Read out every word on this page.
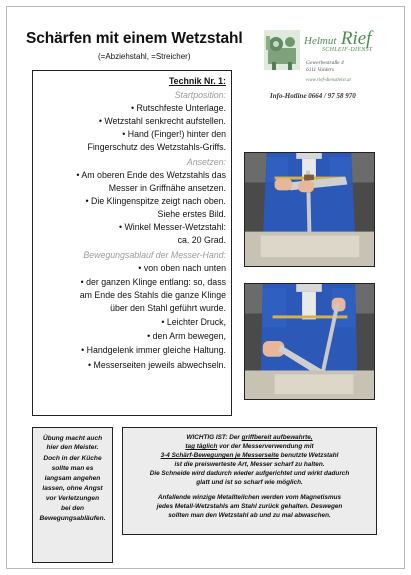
Schärfen mit einem Wetzstahl
(=Abziehstahl, =Streicher)
Helmut Rief
SCHLEIF-DIENST
Gewerbestraße 4
6111 Volders
www.rief-dienstleist.at
Info-Hotline 0664 / 97 58 970
Technik Nr. 1:
Startposition:
• Rutschfeste Unterlage.
• Wetzstahl senkrecht aufstellen.
• Hand (Finger!) hinter den
Fingerschutz des Wetzstahls-Griffs.
Ansetzen:
• Am oberen Ende des Wetzstahls das
Messer in Griffnähe ansetzen.
• Die Klingenspitze zeigt nach oben.
Siehe erstes Bild.
• Winkel Messer-Wetzstahl:
ca. 20 Grad.
Bewegungsablauf der Messer-Hand:
• von oben nach unten
• der ganzen Klinge entlang: so, dass
am Ende des Stahls die ganze Klinge
über den Stahl geführt wurde.
• Leichter Druck,
• den Arm bewegen,
• Handgelenk immer gleiche Haltung.
• Messerseiten jeweils abwechseln.
Übung macht auch
hier den Meister.
Doch in der Küche
sollte man es
langsam angehen
lassen, ohne Angst
vor Verletzungen
bei den
Bewegungsabläufen.
WICHTIG IST: Der griffbereit aufbewahrte,
tag täglich vor der Messerverwendung mit
3-4 Schärf-Bewegungen je Messerseite benutzte Wetzstahl
ist die preiswerteste Art, Messer scharf zu halten.
Die Schneide wird dadurch wieder aufgerichtet und wirkt dadurch
glatt und ist so scharf wie möglich.
Anfallende winzige Metallteilchen werden vom Magnetismus
jedes Metall-Wetzstahls am Stahl zurück gehalten. Deswegen
sollten man den Wetzstahl ab und zu mal abwaschen.
